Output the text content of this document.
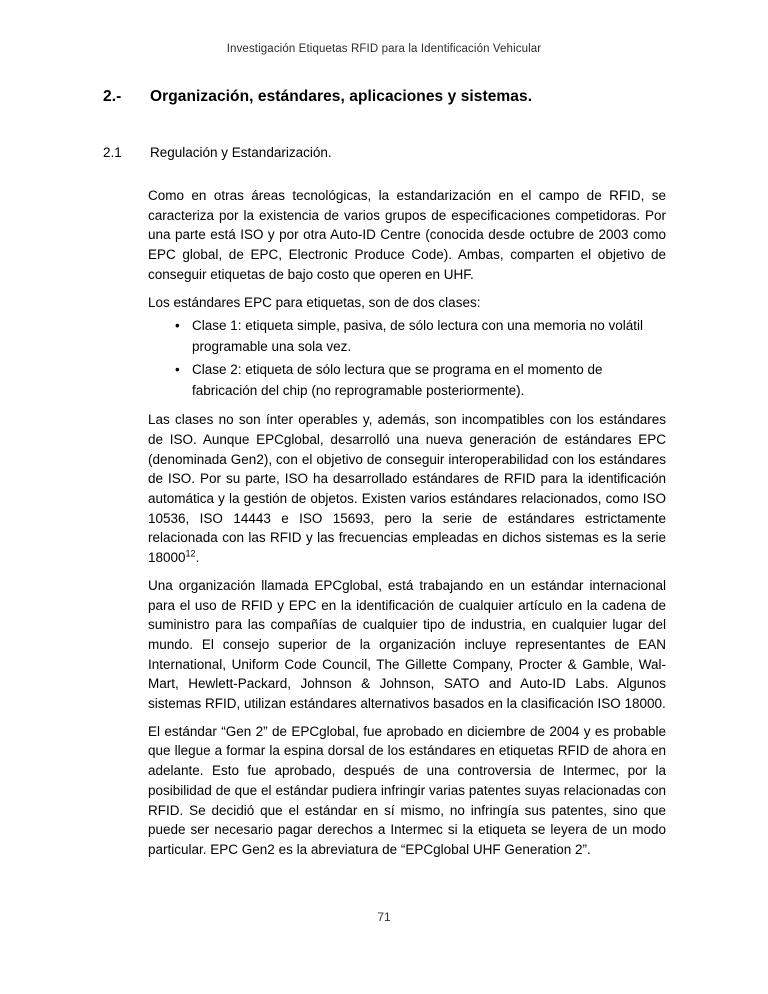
Investigación Etiquetas RFID para la Identificación Vehicular
2.- Organización, estándares, aplicaciones y sistemas.
2.1 Regulación y Estandarización.

Como en otras áreas tecnológicas, la estandarización en el campo de RFID, se caracteriza por la existencia de varios grupos de especificaciones competidoras. Por una parte está ISO y por otra Auto-ID Centre (conocida desde octubre de 2003 como EPC global, de EPC, Electronic Produce Code). Ambas, comparten el objetivo de conseguir etiquetas de bajo costo que operen en UHF.

Los estándares EPC para etiquetas, son de dos clases:

• Clase 1: etiqueta simple, pasiva, de sólo lectura con una memoria no volátil programable una sola vez.
• Clase 2: etiqueta de sólo lectura que se programa en el momento de fabricación del chip (no reprogramable posteriormente).

Las clases no son ínter operables y, además, son incompatibles con los estándares de ISO. Aunque EPCglobal, desarrolló una nueva generación de estándares EPC (denominada Gen2), con el objetivo de conseguir interoperabilidad con los estándares de ISO. Por su parte, ISO ha desarrollado estándares de RFID para la identificación automática y la gestión de objetos. Existen varios estándares relacionados, como ISO 10536, ISO 14443 e ISO 15693, pero la serie de estándares estrictamente relacionada con las RFID y las frecuencias empleadas en dichos sistemas es la serie 18000$^{12}$.

Una organización llamada EPCglobal, está trabajando en un estándar internacional para el uso de RFID y EPC en la identificación de cualquier artículo en la cadena de suministro para las compañías de cualquier tipo de industria, en cualquier lugar del mundo. El consejo superior de la organización incluye representantes de EAN International, Uniform Code Council, The Gillette Company, Procter & Gamble, Wal-Mart, Hewlett-Packard, Johnson & Johnson, SATO and Auto-ID Labs. Algunos sistemas RFID, utilizan estándares alternativos basados en la clasificación ISO 18000.

El estándar “Gen 2” de EPCglobal, fue aprobado en diciembre de 2004 y es probable que llegue a formar la espina dorsal de los estándares en etiquetas RFID de ahora en adelante. Esto fue aprobado, después de una controversia de Intermec, por la posibilidad de que el estándar pudiera infringir varias patentes suyas relacionadas con RFID. Se decidió que el estándar en sí mismo, no infringía sus patentes, sino que puede ser necesario pagar derechos a Intermec si la etiqueta se leyera de un modo particular. EPC Gen2 es la abreviatura de “EPCglobal UHF Generation 2”.

71
